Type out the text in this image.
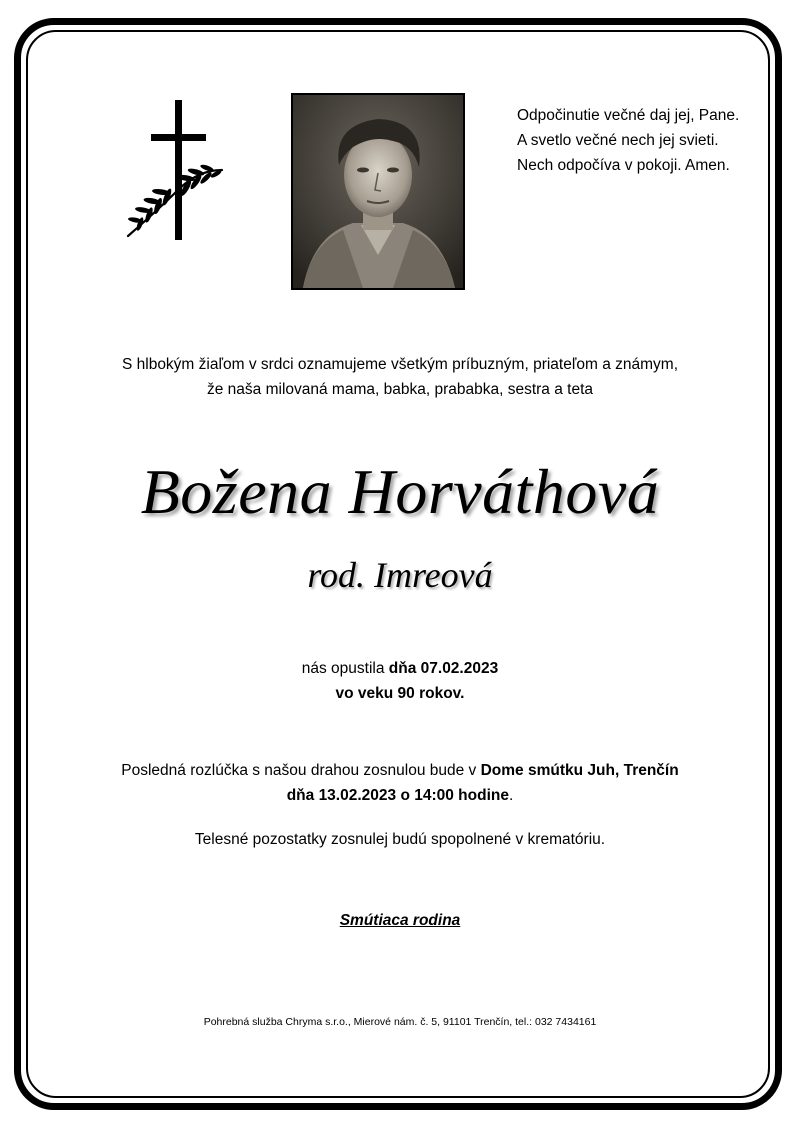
Odpočinutie večné daj jej, Pane.
A svetlo večné nech jej svieti.
Nech odpočíva v pokoji. Amen.
S hlbokým žiaľom v srdci oznamujeme všetkým príbuzným, priateľom a známym,
že naša milovaná mama, babka, prababka, sestra a teta
Božena Horváthová
rod. Imreová
nás opustila dňa 07.02.2023
vo veku 90 rokov.
Posledná rozlúčka s našou drahou zosnulou bude v Dome smútku Juh, Trenčín
dňa 13.02.2023 o 14:00 hodine.
Telesné pozostatky zosnulej budú spopolnené v krematóriu.
Smútiaca rodina
Pohrebná služba Chryma s.r.o., Mierové nám. č. 5, 91101 Trenčín, tel.: 032 7434161
